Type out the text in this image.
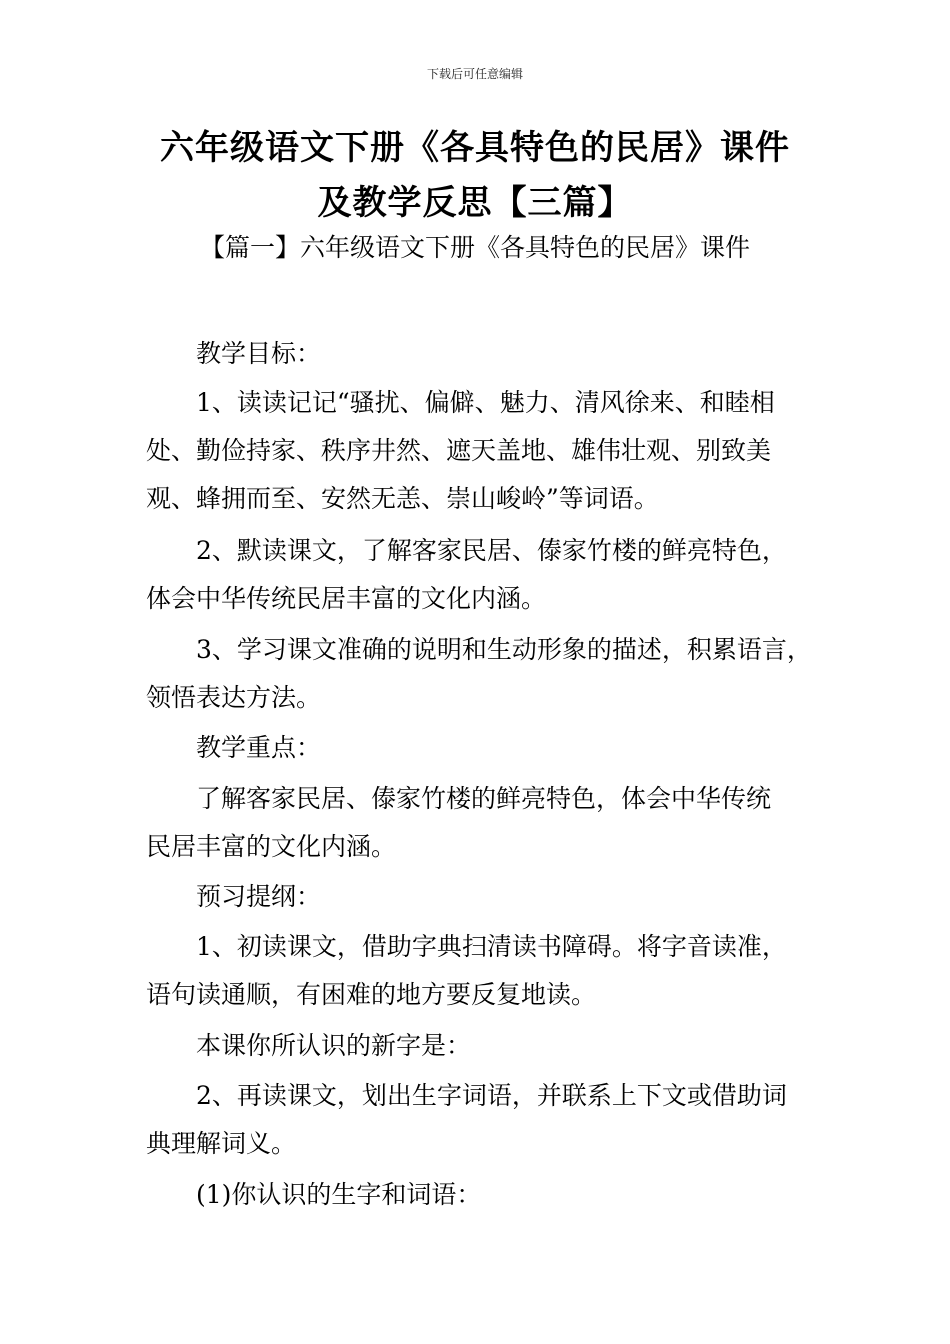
下载后可任意编辑
六年级语文下册《各具特色的民居》课件
及教学反思【三篇】
【篇一】六年级语文下册《各具特色的民居》课件
教学目标：
1、读读记记“骚扰、偏僻、魅力、清风徐来、和睦相
处、勤俭持家、秩序井然、遮天盖地、雄伟壮观、别致美
观、蜂拥而至、安然无恙、崇山峻岭”等词语。
2、默读课文，了解客家民居、傣家竹楼的鲜亮特色，
体会中华传统民居丰富的文化内涵。
3、学习课文准确的说明和生动形象的描述，积累语言，
领悟表达方法。
教学重点：
了解客家民居、傣家竹楼的鲜亮特色，体会中华传统
民居丰富的文化内涵。
预习提纲：
1、初读课文，借助字典扫清读书障碍。将字音读准，
语句读通顺，有困难的地方要反复地读。
本课你所认识的新字是：
2、再读课文，划出生字词语，并联系上下文或借助词
典理解词义。
(1)你认识的生字和词语：
